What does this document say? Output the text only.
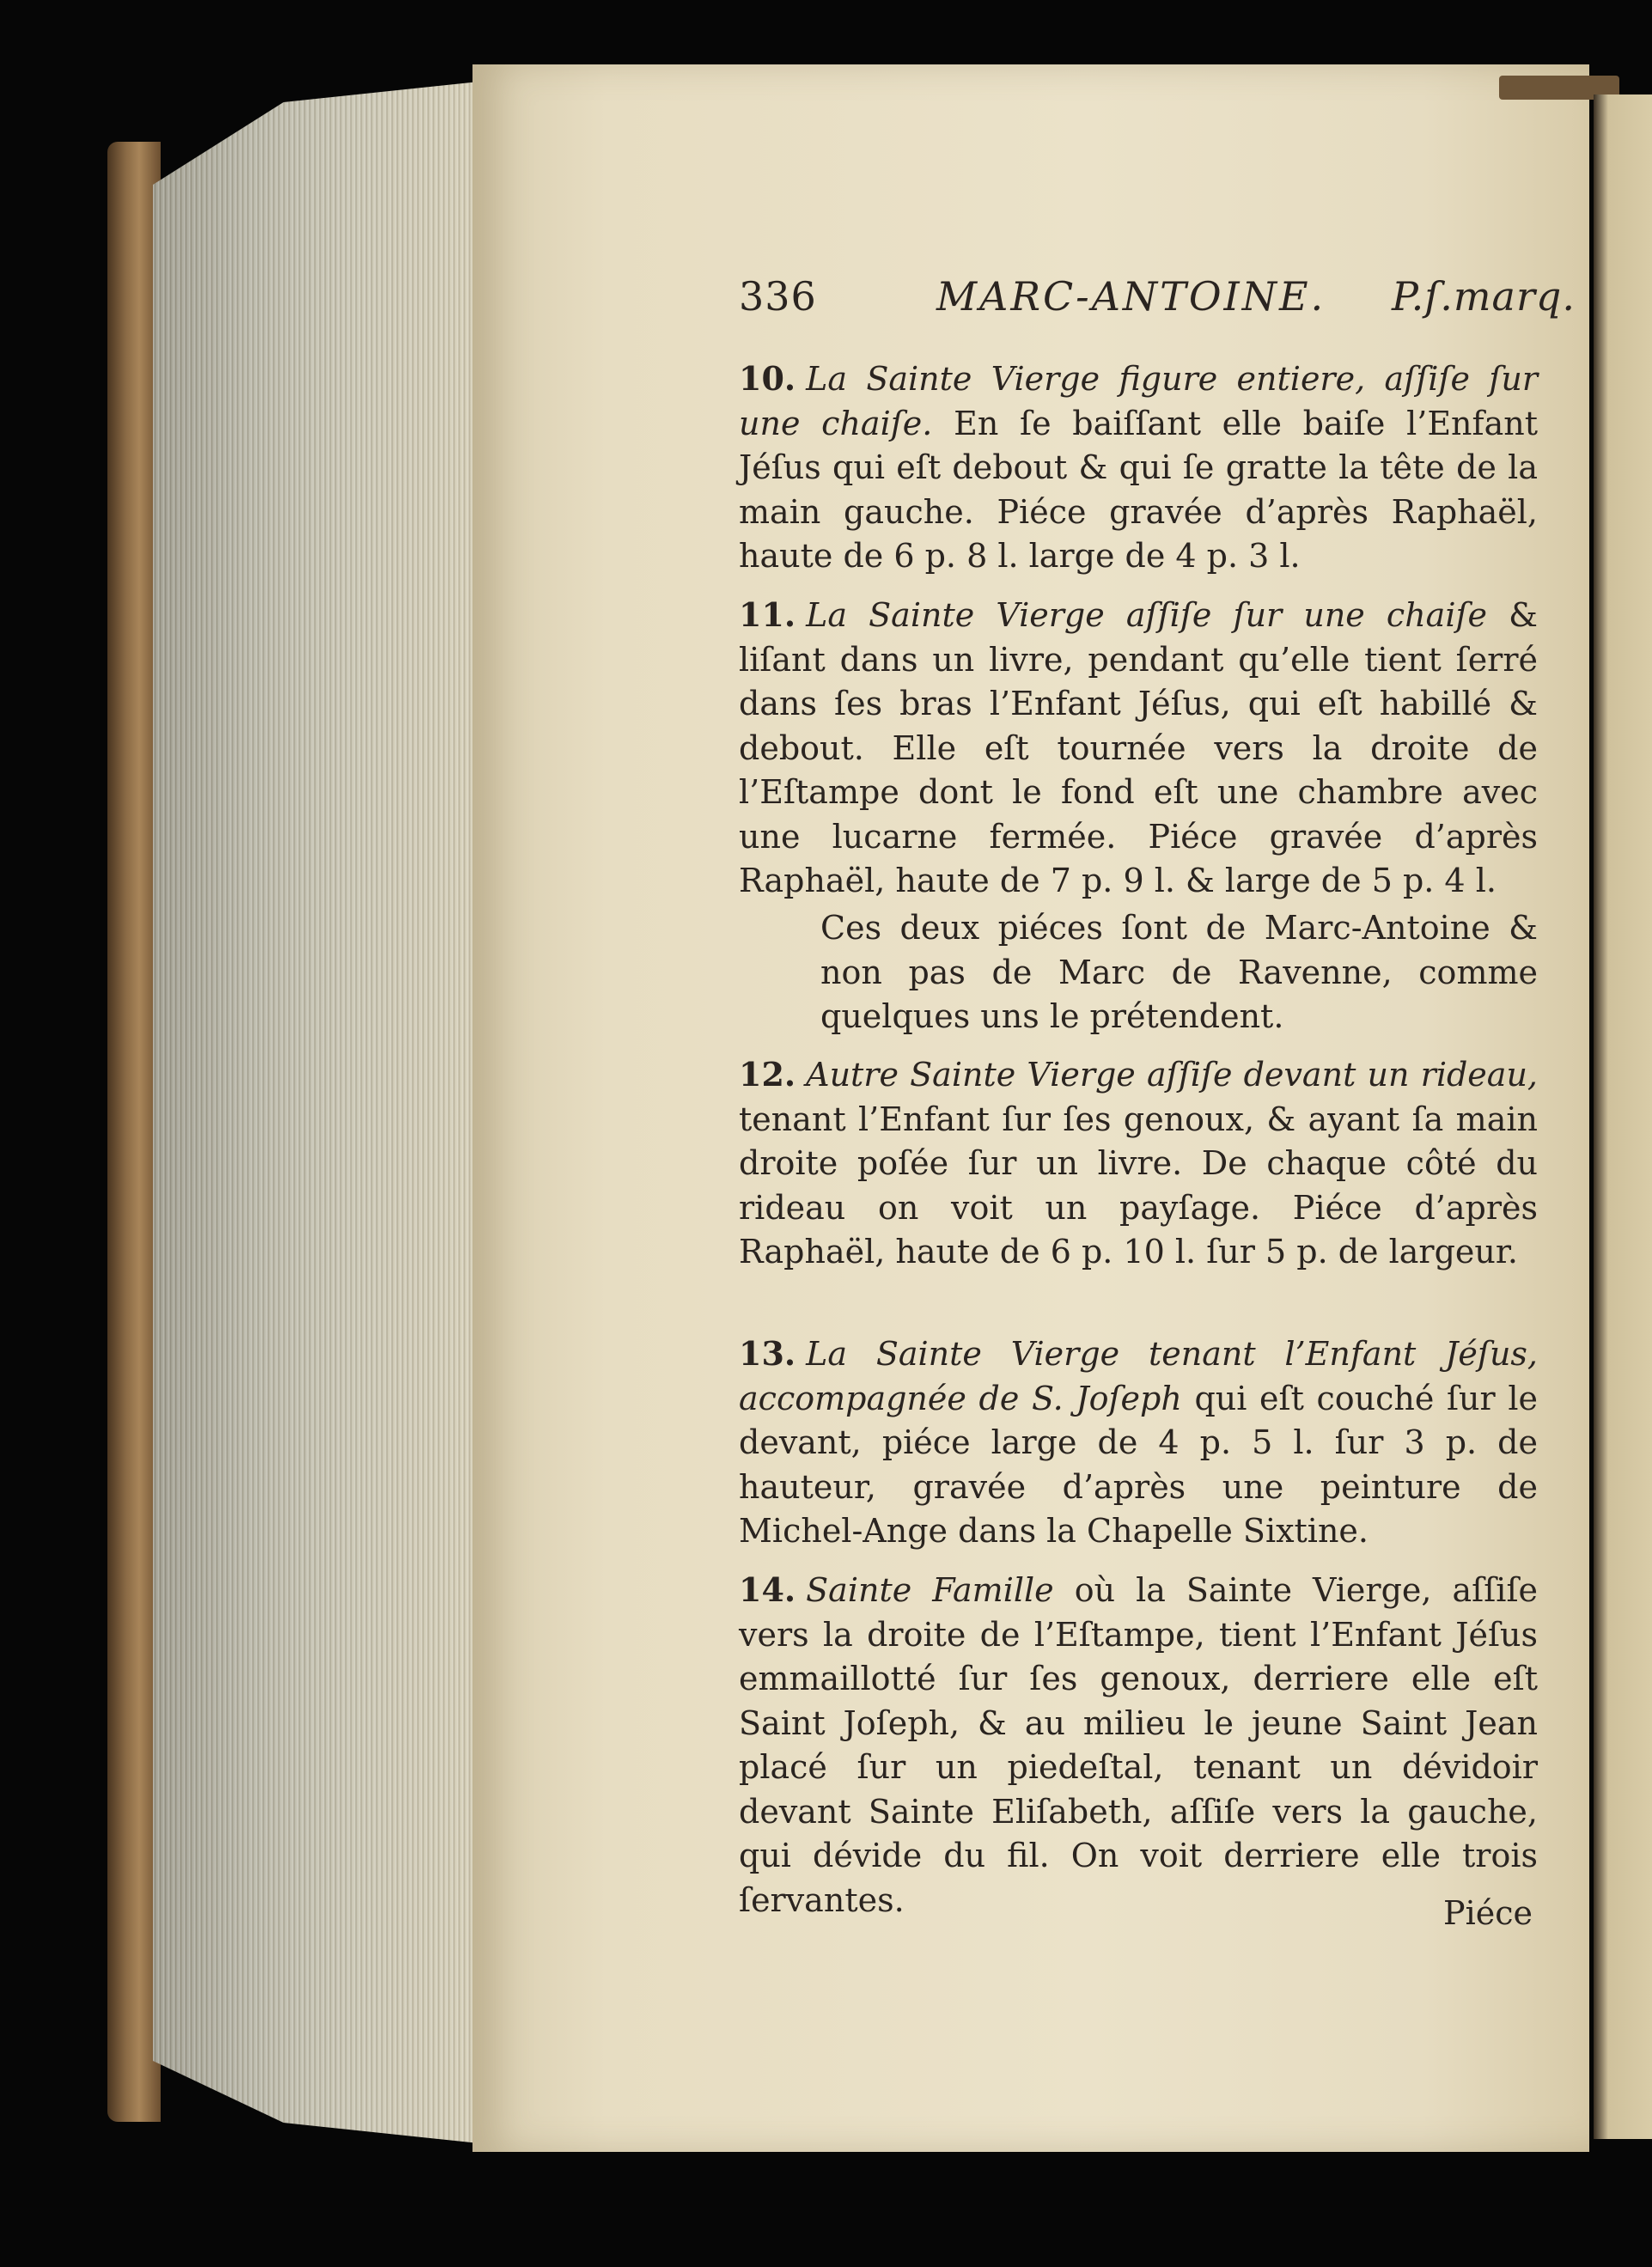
336	MARC-ANTOINE. P.ſ.marq.
10. La Sainte Vierge figure entiere, aſſiſe ſur une chaiſe. En ſe baiſſant elle baiſe l’Enfant Jéſus qui eſt debout & qui ſe gratte la tête de la main gauche. Piéce gravée d’après Raphaël, haute de 6 p. 8 l. large de 4 p. 3 l.
11. La Sainte Vierge aſſiſe ſur une chaiſe & liſant dans un livre, pendant qu’elle tient ſerré dans ſes bras l’Enfant Jéſus, qui eſt habillé & debout. Elle eſt tournée vers la droite de l’Eſtampe dont le fond eſt une chambre avec une lucarne fermée. Piéce gravée d’après Raphaël, haute de 7 p. 9 l. & large de 5 p. 4 l.
Ces deux piéces ſont de Marc-Antoine & non pas de Marc de Ravenne, comme quelques uns le prétendent.
12. Autre Sainte Vierge aſſiſe devant un rideau, tenant l’Enfant ſur ſes genoux, & ayant ſa main droite poſée ſur un livre. De chaque côté du rideau on voit un payſage. Piéce d’après Raphaël, haute de 6 p. 10 l. ſur 5 p. de largeur.
13. La Sainte Vierge tenant l’Enfant Jéſus, accompagnée de S. Joſeph qui eſt couché ſur le devant, piéce large de 4 p. 5 l. ſur 3 p. de hauteur, gravée d’après une peinture de Michel-Ange dans la Chapelle Sixtine.
14. Sainte Famille où la Sainte Vierge, aſſiſe vers la droite de l’Eſtampe, tient l’Enfant Jéſus emmaillotté ſur ſes genoux, derriere elle eſt Saint Joſeph, & au milieu le jeune Saint Jean placé ſur un piedeſtal, tenant un dévidoir devant Sainte Eliſabeth, aſſiſe vers la gauche, qui dévide du fil. On voit derriere elle trois ſervantes.	Piéce
